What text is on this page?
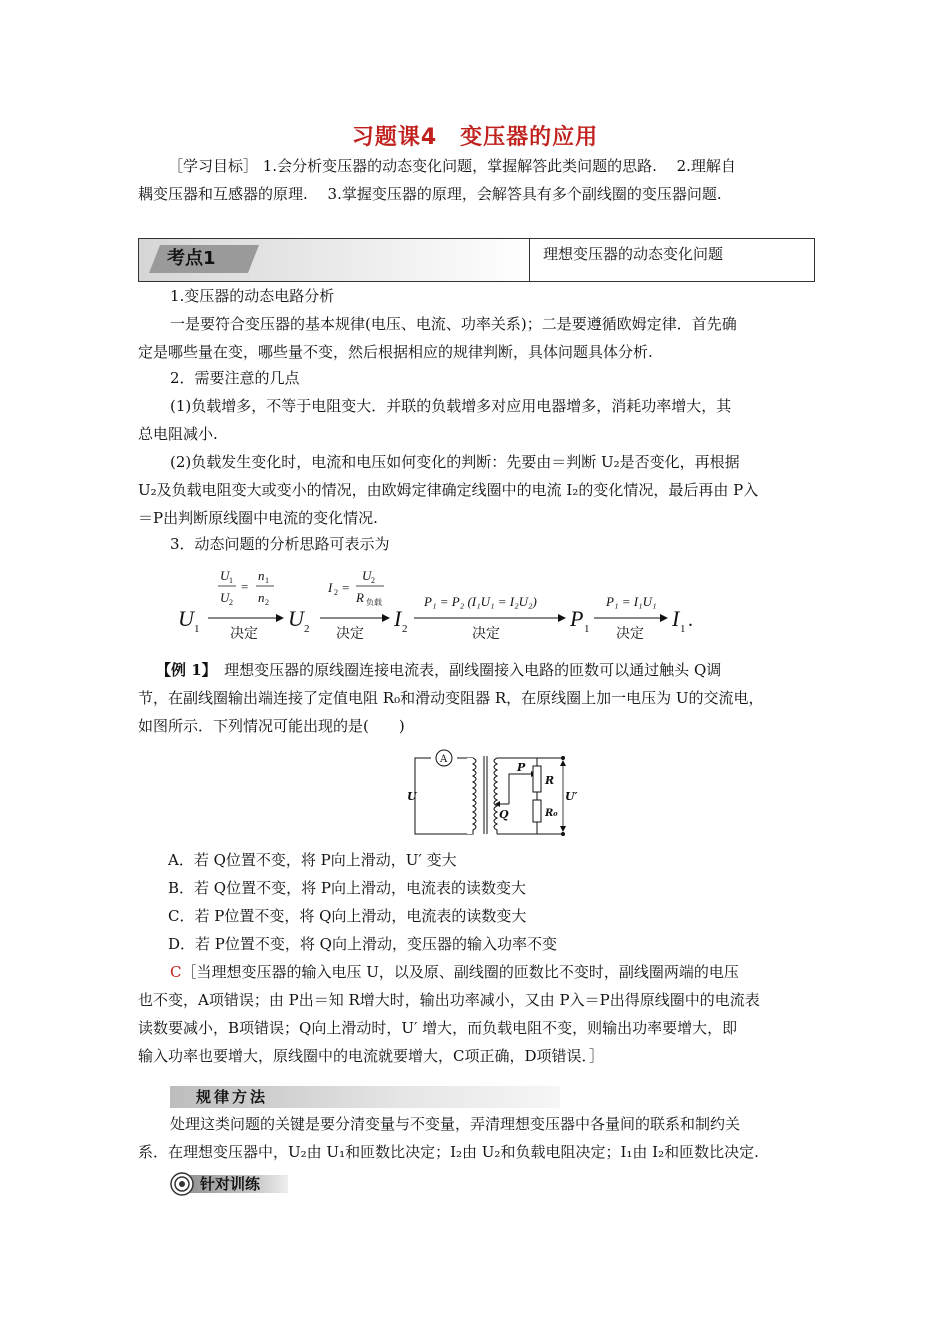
习题课4　变压器的应用
［学习目标］ 1.会分析变压器的动态变化问题，掌握解答此类问题的思路.　 2.理解自
耦变压器和互感器的原理.　 3.掌握变压器的原理，会解答具有多个副线圈的变压器问题.
考点1	理想变压器的动态变化问题
1.变压器的动态电路分析
一是要符合变压器的基本规律(电压、电流、功率关系)；二是要遵循欧姆定律．首先确
定是哪些量在变，哪些量不变，然后根据相应的规律判断，具体问题具体分析.
2．需要注意的几点
(1)负载增多，不等于电阻变大．并联的负载增多对应用电器增多，消耗功率增大，其
总电阻减小.
(2)负载发生变化时，电流和电压如何变化的判断：先要由＝判断 U₂是否变化，再根据
U₂及负载电阻变大或变小的情况，由欧姆定律确定线圈中的电流 I₂的变化情况，最后再由 P入
＝P出判断原线圈中电流的变化情况.
3．动态问题的分析思路可表示为
U 1	U 2	I 2	P 1	I 1 .
决定	决定	决定	决定
U 1
U 2
=
n 1
n 2
I 2 =
U 2
R 负载	P₁ = P₂ (I₁U₁ = I₂U₂)	P₁ = I₁U₁
【例 1】　理想变压器的原线圈连接电流表，副线圈接入电路的匝数可以通过触头 Q调
节，在副线圈输出端连接了定值电阻 R₀和滑动变阻器 R，在原线圈上加一电压为 U的交流电，
如图所示．下列情况可能出现的是(　　)
A
U
Q
P
R
R₀
U′
A．若 Q位置不变，将 P向上滑动，U′ 变大
B．若 Q位置不变，将 P向上滑动，电流表的读数变大
C．若 P位置不变，将 Q向上滑动，电流表的读数变大
D．若 P位置不变，将 Q向上滑动，变压器的输入功率不变
C［当理想变压器的输入电压 U，以及原、副线圈的匝数比不变时，副线圈两端的电压
也不变，A项错误；由 P出＝知 R增大时，输出功率减小，又由 P入＝P出得原线圈中的电流表
读数要减小，B项错误；Q向上滑动时，U′ 增大，而负载电阻不变，则输出功率要增大，即
输入功率也要增大，原线圈中的电流就要增大，C项正确，D项错误．］
规律方法
处理这类问题的关键是要分清变量与不变量，弄清理想变压器中各量间的联系和制约关
系．在理想变压器中，U₂由 U₁和匝数比决定；I₂由 U₂和负载电阻决定；I₁由 I₂和匝数比决定.
针对训练
